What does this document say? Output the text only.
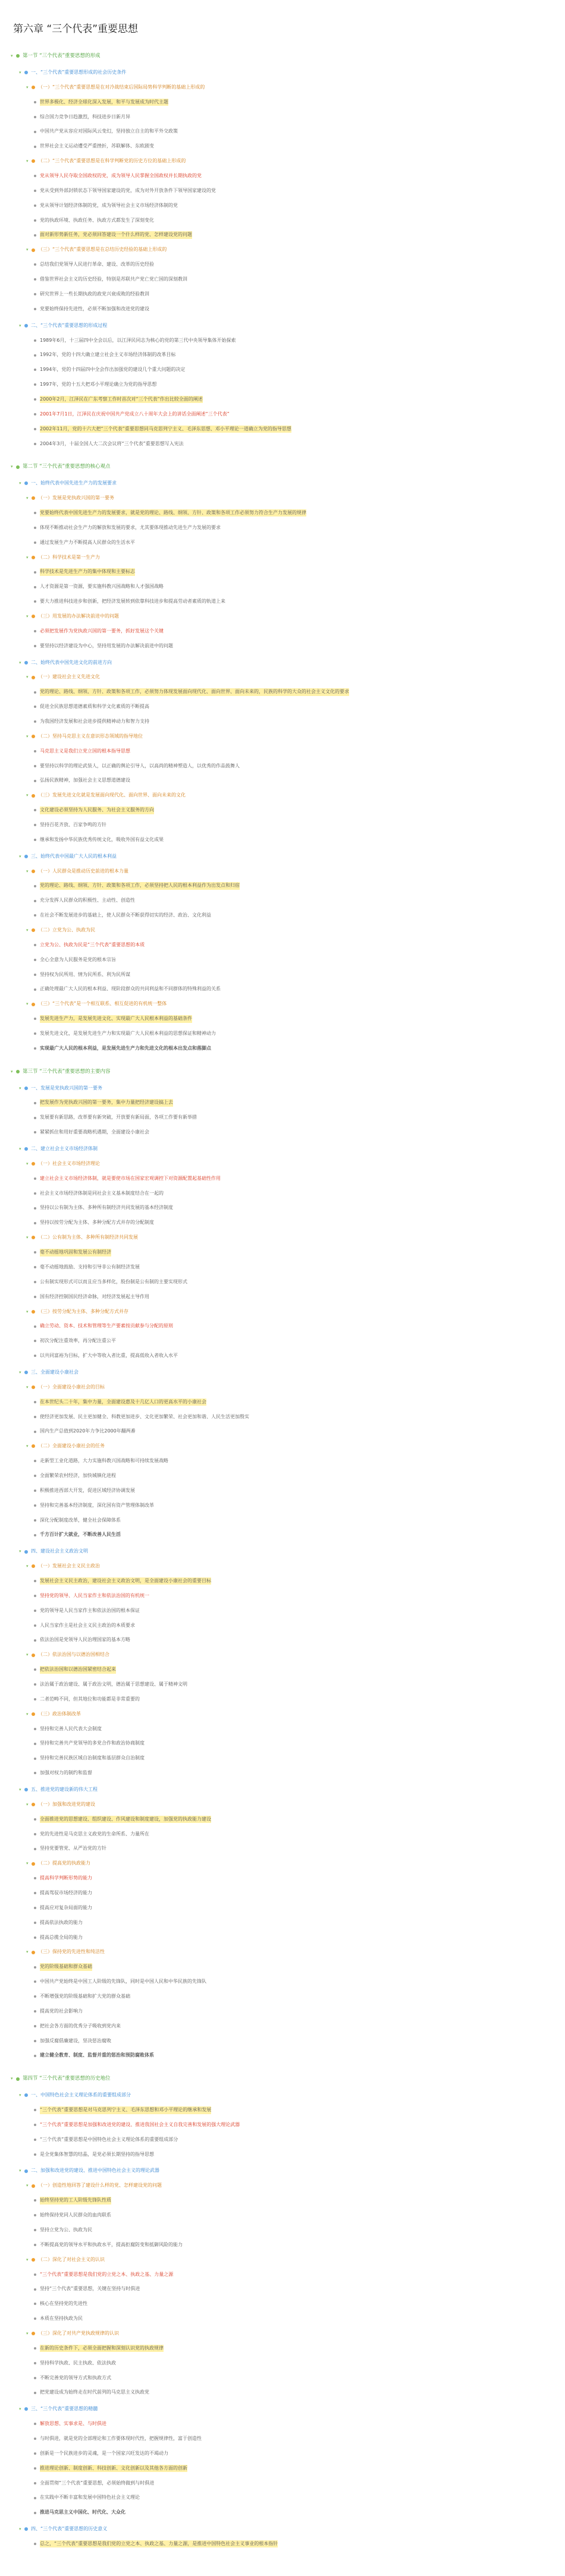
第六章 “三个代表”重要思想
▾	第一节 “三个代表”重要思想的形成
▾	一、“三个代表”重要思想形成的社会历史条件
▾	（一）“三个代表”重要思想是在对冷战结束后国际局势科学判断的基础上形成的
世界多极化、经济全球化深入发展，和平与发展成为时代主题
综合国力竞争日趋激烈，科技进步日新月异
中国共产党从容应对国际风云变幻，坚持独立自主的和平外交政策
世界社会主义运动遭受严重挫折，苏联解体、东欧剧变
▾	（二）“三个代表”重要思想是在科学判断党的历史方位的基础上形成的
党从领导人民夺取全国政权的党，成为领导人民掌握全国政权并长期执政的党
党从受到外部封锁状态下领导国家建设的党，成为对外开放条件下领导国家建设的党
党从领导计划经济体制的党，成为领导社会主义市场经济体制的党
党的执政环境、执政任务、执政方式都发生了深刻变化
面对新形势新任务，党必须回答建设一个什么样的党、怎样建设党的问题
▾	（三）“三个代表”重要思想是在总结历史经验的基础上形成的
总结我们党领导人民进行革命、建设、改革的历史经验
借鉴世界社会主义的历史经验，特别是苏联共产党亡党亡国的深刻教训
研究世界上一些长期执政的政党兴衰成败的经验教训
党要始终保持先进性，必须不断加强和改进党的建设
▾	二、“三个代表”重要思想的形成过程
1989年6月，十三届四中全会以后，以江泽民同志为核心的党的第三代中央领导集体开始探索
1992年，党的十四大确立建立社会主义市场经济体制的改革目标
1994年，党的十四届四中全会作出加强党的建设几个重大问题的决定
1997年，党的十五大把邓小平理论确立为党的指导思想
2000年2月，江泽民在广东考察工作时首次对“三个代表”作出比较全面的阐述
2001年7月1日，江泽民在庆祝中国共产党成立八十周年大会上的讲话全面阐述“三个代表”
2002年11月，党的十六大把“三个代表”重要思想同马克思列宁主义、毛泽东思想、邓小平理论一道确立为党的指导思想
2004年3月，十届全国人大二次会议将“三个代表”重要思想写入宪法
▾	第二节 “三个代表”重要思想的核心观点
▾	一、始终代表中国先进生产力的发展要求
▾	（一）发展是党执政兴国的第一要务
党要始终代表中国先进生产力的发展要求，就是党的理论、路线、纲领、方针、政策和各项工作必须努力符合生产力发展的规律
体现不断推动社会生产力的解放和发展的要求，尤其要体现推动先进生产力发展的要求
通过发展生产力不断提高人民群众的生活水平
▾	（二）科学技术是第一生产力
科学技术是先进生产力的集中体现和主要标志
人才资源是第一资源，要实施科教兴国战略和人才强国战略
要大力推进科技进步和创新，把经济发展转到依靠科技进步和提高劳动者素质的轨道上来
▾	（三）用发展的办法解决前进中的问题
必须把发展作为党执政兴国的第一要务，抓好发展这个关键
要坚持以经济建设为中心，坚持用发展的办法解决前进中的问题
▾	二、始终代表中国先进文化的前进方向
▾	（一）建设社会主义先进文化
党的理论、路线、纲领、方针、政策和各项工作，必须努力体现发展面向现代化、面向世界、面向未来的，民族的科学的大众的社会主义文化的要求
促进全民族思想道德素质和科学文化素质的不断提高
为我国经济发展和社会进步提供精神动力和智力支持
▾	（二）坚持马克思主义在意识形态领域的指导地位
马克思主义是我们立党立国的根本指导思想
要坚持以科学的理论武装人，以正确的舆论引导人，以高尚的精神塑造人，以优秀的作品鼓舞人
弘扬民族精神，加强社会主义思想道德建设
▾	（三）发展先进文化就是发展面向现代化、面向世界、面向未来的文化
文化建设必须坚持为人民服务、为社会主义服务的方向
坚持百花齐放、百家争鸣的方针
继承和发扬中华民族优秀传统文化，吸收外国有益文化成果
▾	三、始终代表中国最广大人民的根本利益
▾	（一）人民群众是推动历史前进的根本力量
党的理论、路线、纲领、方针、政策和各项工作，必须坚持把人民的根本利益作为出发点和归宿
充分发挥人民群众的积极性、主动性、创造性
在社会不断发展进步的基础上，使人民群众不断获得切实的经济、政治、文化利益
▾	（二）立党为公、执政为民
立党为公、执政为民是“三个代表”重要思想的本质
全心全意为人民服务是党的根本宗旨
坚持权为民所用、情为民所系、利为民所谋
正确处理最广大人民的根本利益、现阶段群众的共同利益和不同群体的特殊利益的关系
▾	（三）“三个代表”是一个相互联系、相互促进的有机统一整体
发展先进生产力，是发展先进文化、实现最广大人民根本利益的基础条件
发展先进文化，是发展先进生产力和实现最广大人民根本利益的思想保证和精神动力
实现最广大人民的根本利益，是发展先进生产力和先进文化的根本出发点和落脚点
▾	第三节 “三个代表”重要思想的主要内容
▾	一、发展是党执政兴国的第一要务
把发展作为党执政兴国的第一要务，集中力量把经济建设搞上去
发展要有新思路，改革要有新突破，开放要有新局面，各项工作要有新举措
紧紧抓住和用好重要战略机遇期，全面建设小康社会
▾	二、建立社会主义市场经济体制
▾	（一）社会主义市场经济理论
建立社会主义市场经济体制，就是要使市场在国家宏观调控下对资源配置起基础性作用
社会主义市场经济体制是同社会主义基本制度结合在一起的
坚持以公有制为主体、多种所有制经济共同发展的基本经济制度
坚持以按劳分配为主体、多种分配方式并存的分配制度
▾	（二）公有制为主体、多种所有制经济共同发展
毫不动摇地巩固和发展公有制经济
毫不动摇地鼓励、支持和引导非公有制经济发展
公有制实现形式可以而且应当多样化，股份制是公有制的主要实现形式
国有经济控制国民经济命脉，对经济发展起主导作用
▾	（三）按劳分配为主体、多种分配方式并存
确立劳动、资本、技术和管理等生产要素按贡献参与分配的原则
初次分配注重效率，再分配注重公平
以共同富裕为目标，扩大中等收入者比重，提高低收入者收入水平
▾	三、全面建设小康社会
▾	（一）全面建设小康社会的目标
在本世纪头二十年，集中力量，全面建设惠及十几亿人口的更高水平的小康社会
使经济更加发展、民主更加健全、科教更加进步、文化更加繁荣、社会更加和谐、人民生活更加殷实
国内生产总值到2020年力争比2000年翻两番
▾	（二）全面建设小康社会的任务
走新型工业化道路，大力实施科教兴国战略和可持续发展战略
全面繁荣农村经济，加快城镇化进程
积极推进西部大开发，促进区域经济协调发展
坚持和完善基本经济制度，深化国有资产管理体制改革
深化分配制度改革，健全社会保障体系
千方百计扩大就业，不断改善人民生活
▾	四、建设社会主义政治文明
▾	（一）发展社会主义民主政治
发展社会主义民主政治，建设社会主义政治文明，是全面建设小康社会的重要目标
坚持党的领导、人民当家作主和依法治国的有机统一
党的领导是人民当家作主和依法治国的根本保证
人民当家作主是社会主义民主政治的本质要求
依法治国是党领导人民治理国家的基本方略
▾	（二）依法治国与以德治国相结合
把依法治国和以德治国紧密结合起来
法治属于政治建设、属于政治文明，德治属于思想建设、属于精神文明
二者范畴不同，但其地位和功能都是非常重要的
▾	（三）政治体制改革
坚持和完善人民代表大会制度
坚持和完善共产党领导的多党合作和政治协商制度
坚持和完善民族区域自治制度和基层群众自治制度
加强对权力的制约和监督
▾	五、推进党的建设新的伟大工程
▾	（一）加强和改进党的建设
全面推进党的思想建设、组织建设、作风建设和制度建设，加强党的执政能力建设
党的先进性是马克思主义政党的生命所系、力量所在
坚持党要管党、从严治党的方针
▾	（二）提高党的执政能力
提高科学判断形势的能力
提高驾驭市场经济的能力
提高应对复杂局面的能力
提高依法执政的能力
提高总揽全局的能力
▾	（三）保持党的先进性和纯洁性
党的阶级基础和群众基础
中国共产党始终是中国工人阶级的先锋队，同时是中国人民和中华民族的先锋队
不断增强党的阶级基础和扩大党的群众基础
提高党的社会影响力
把社会各方面的优秀分子吸收到党内来
加强反腐倡廉建设，坚决惩治腐败
建立健全教育、制度、监督并重的惩治和预防腐败体系
▾	第四节 “三个代表”重要思想的历史地位
▾	一、中国特色社会主义理论体系的重要组成部分
“三个代表”重要思想是对马克思列宁主义、毛泽东思想和邓小平理论的继承和发展
“三个代表”重要思想是加强和改进党的建设、推进我国社会主义自我完善和发展的强大理论武器
“三个代表”重要思想是中国特色社会主义理论体系的重要组成部分
是全党集体智慧的结晶，是党必须长期坚持的指导思想
▾	二、加强和改进党的建设、推进中国特色社会主义的理论武器
▾	（一）创造性地回答了建设什么样的党、怎样建设党的问题
始终坚持党的工人阶级先锋队性质
始终保持党同人民群众的血肉联系
坚持立党为公、执政为民
不断提高党的领导水平和执政水平，提高拒腐防变和抵御风险的能力
▾	（二）深化了对社会主义的认识
“三个代表”重要思想是我们党的立党之本、执政之基、力量之源
坚持“三个代表”重要思想，关键在坚持与时俱进
核心在坚持党的先进性
本质在坚持执政为民
▾	（三）深化了对共产党执政规律的认识
在新的历史条件下，必须全面把握和深刻认识党的执政规律
坚持科学执政、民主执政、依法执政
不断完善党的领导方式和执政方式
把党建设成为始终走在时代前列的马克思主义执政党
▾	三、“三个代表”重要思想的精髓
解放思想、实事求是、与时俱进
与时俱进，就是党的全部理论和工作要体现时代性，把握规律性，富于创造性
创新是一个民族进步的灵魂，是一个国家兴旺发达的不竭动力
推进理论创新、制度创新、科技创新、文化创新以及其他各方面的创新
全面贯彻“三个代表”重要思想，必须始终做到与时俱进
在实践中不断丰富和发展中国特色社会主义理论
推进马克思主义中国化、时代化、大众化
▾	四、“三个代表”重要思想的历史意义
总之，“三个代表”重要思想是我们党的立党之本、执政之基、力量之源，是推进中国特色社会主义事业的根本指针
